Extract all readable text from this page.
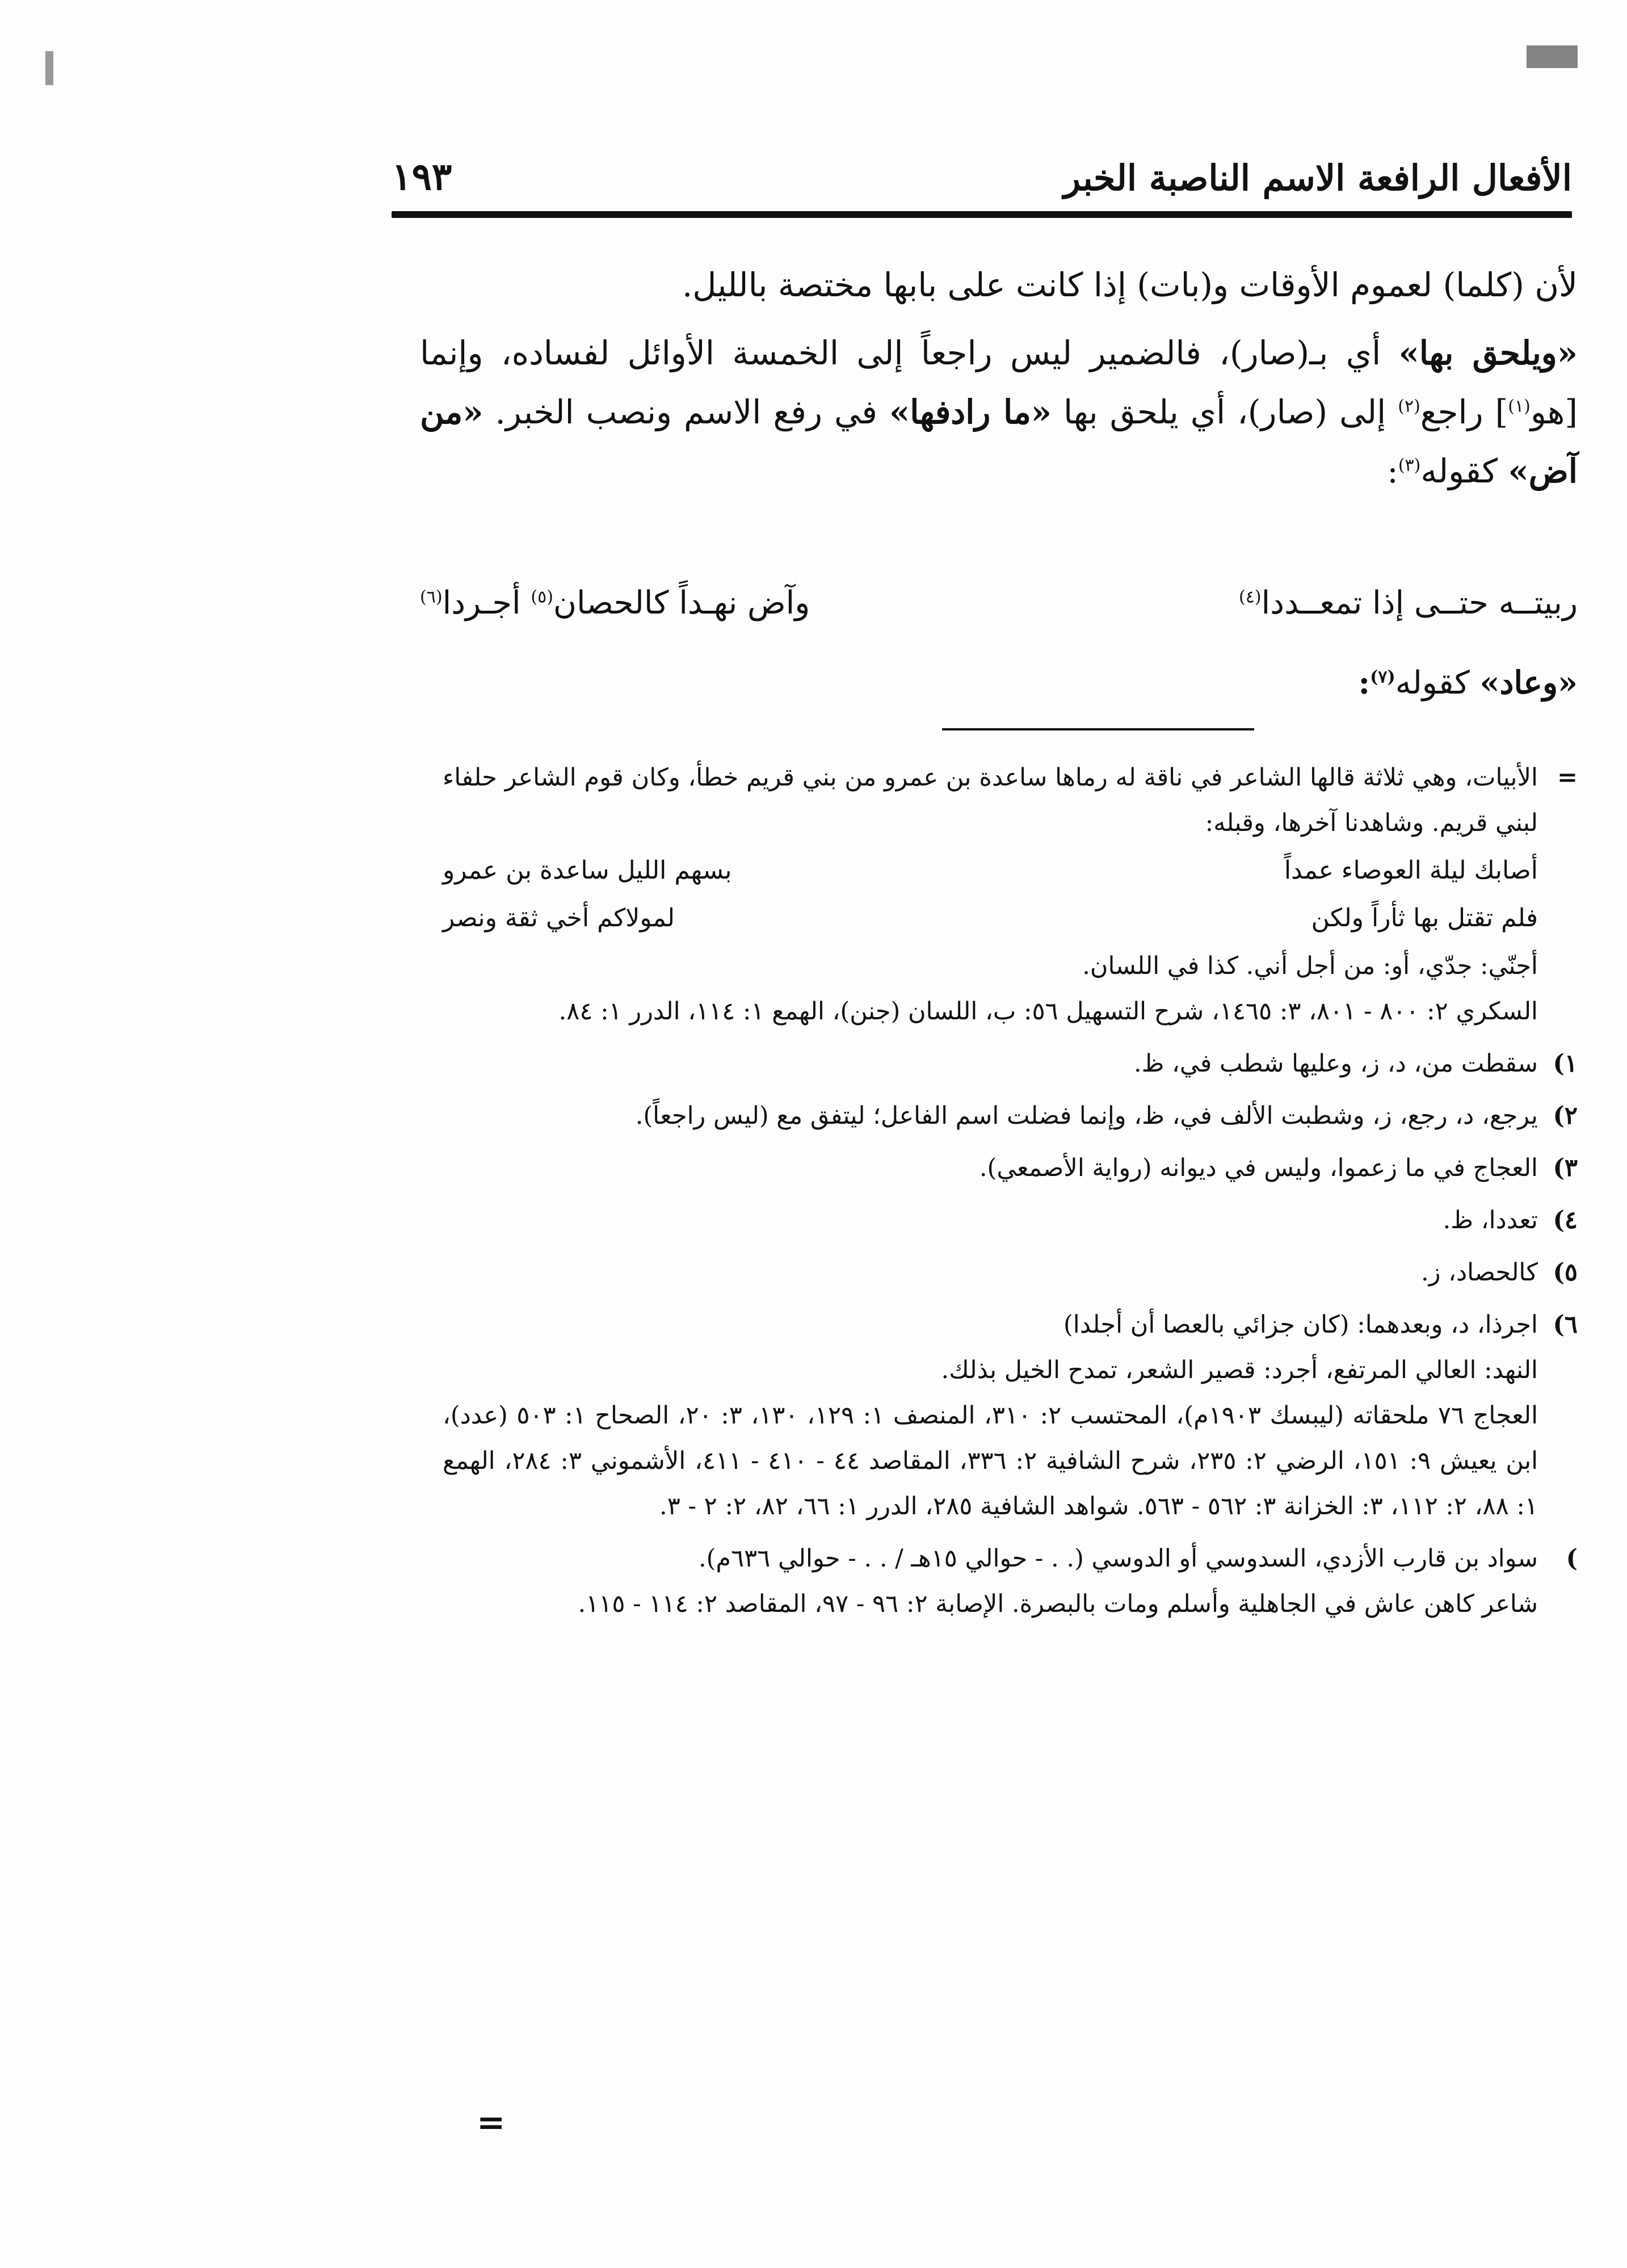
الأفعال الرافعة الاسم الناصبة الخبر
١٩٣

لأن (كلما) لعموم الأوقات و(بات) إذا كانت على بابها مختصة بالليل.

«ويلحق بها» أي بـ(صار)، فالضمير ليس راجعاً إلى الخمسة الأوائل لفساده، وإنما [هو$^{(١)}$] راجع$^{(٢)}$ إلى (صار)، أي يلحق بها «ما رادفها» في رفع الاسم ونصب الخبر. «من آض» كقوله$^{(٣)}$:

ربيتــه حتــى إذا تمعــددا$^{(٤)}$
وآض نهـداً كالحصان$^{(٥)}$ أجـردا$^{(٦)}$
«وعاد» كقوله$^{(٧)}$:
=

الأبيات، وهي ثلاثة قالها الشاعر في ناقة له رماها ساعدة بن عمرو من بني قريم خطأ، وكان قوم الشاعر حلفاء لبني قريم. وشاهدنا آخرها، وقبله:

أصابك ليلة العوصاء عمداً
بسهم الليل ساعدة بن عمرو
فلم تقتل بها ثأراً ولكن
لمولاكم أخي ثقة ونصر

أجنّي: جدّي، أو: من أجل أني. كذا في اللسان.

السكري ٢: ٨٠٠ - ٨٠١، ٣: ١٤٦٥، شرح التسهيل ٥٦: ب، اللسان (جنن)، الهمع ١: ١١٤، الدرر ١: ٨٤.

١)
سقطت من، د، ز، وعليها شطب في، ظ.
٢)
يرجع، د، رجع، ز، وشطبت الألف في، ظ، وإنما فضلت اسم الفاعل؛ ليتفق مع (ليس راجعاً).
٣)
العجاج في ما زعموا، وليس في ديوانه (رواية الأصمعي).
٤)
تعددا، ظ.
٥)
كالحصاد، ز.
٦)

اجرذا، د، وبعدهما: (كان جزائي بالعصا أن أجلدا)

النهد: العالي المرتفع، أجرد: قصير الشعر، تمدح الخيل بذلك.

العجاج ٧٦ ملحقاته (ليبسك ١٩٠٣م)، المحتسب ٢: ٣١٠، المنصف ١: ١٢٩، ١٣٠، ٣: ٢٠، الصحاح ١: ٥٠٣ (عدد)، ابن يعيش ٩: ١٥١، الرضي ٢: ٢٣٥، شرح الشافية ٢: ٣٣٦، المقاصد ٤٤ - ٤١٠ - ٤١١، الأشموني ٣: ٢٨٤، الهمع ١: ٨٨، ٢: ١١٢، ٣: الخزانة ٣: ٥٦٢ - ٥٦٣. شواهد الشافية ٢٨٥، الدرر ١: ٦٦، ٨٢، ٢: ٢ - ٣.

)

سواد بن قارب الأزدي، السدوسي أو الدوسي (. . - حوالي ١٥هـ / . . - حوالي ٦٣٦م).

شاعر كاهن عاش في الجاهلية وأسلم ومات بالبصرة. الإصابة ٢: ٩٦ - ٩٧، المقاصد ٢: ١١٤ - ١١٥.

=
